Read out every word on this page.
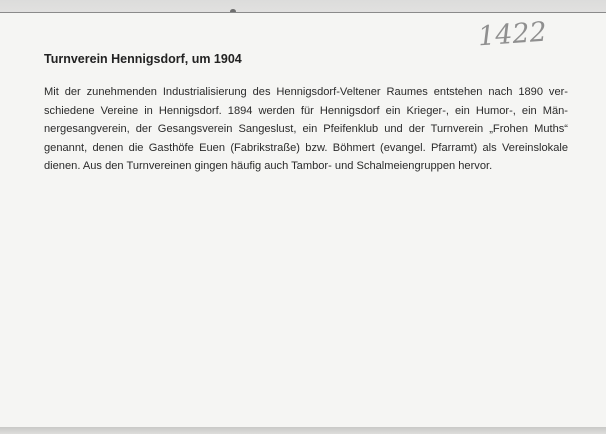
1422
Turnverein Hennigsdorf, um 1904

Mit der zunehmenden Industrialisierung des Hennigsdorf-Veltener Raumes entstehen nach 1890 ver-
schiedene Vereine in Hennigsdorf. 1894 werden für Hennigsdorf ein Krieger-, ein Humor-, ein Män-
nergesangverein, der Gesangsverein Sangeslust, ein Pfeifenklub und der Turnverein „Frohen Muths“
genannt, denen die Gasthöfe Euen (Fabrikstraße) bzw. Böhmert (evangel. Pfarramt) als Vereinslokale
dienen. Aus den Turnvereinen gingen häufig auch Tambor- und Schalmeiengruppen hervor.
